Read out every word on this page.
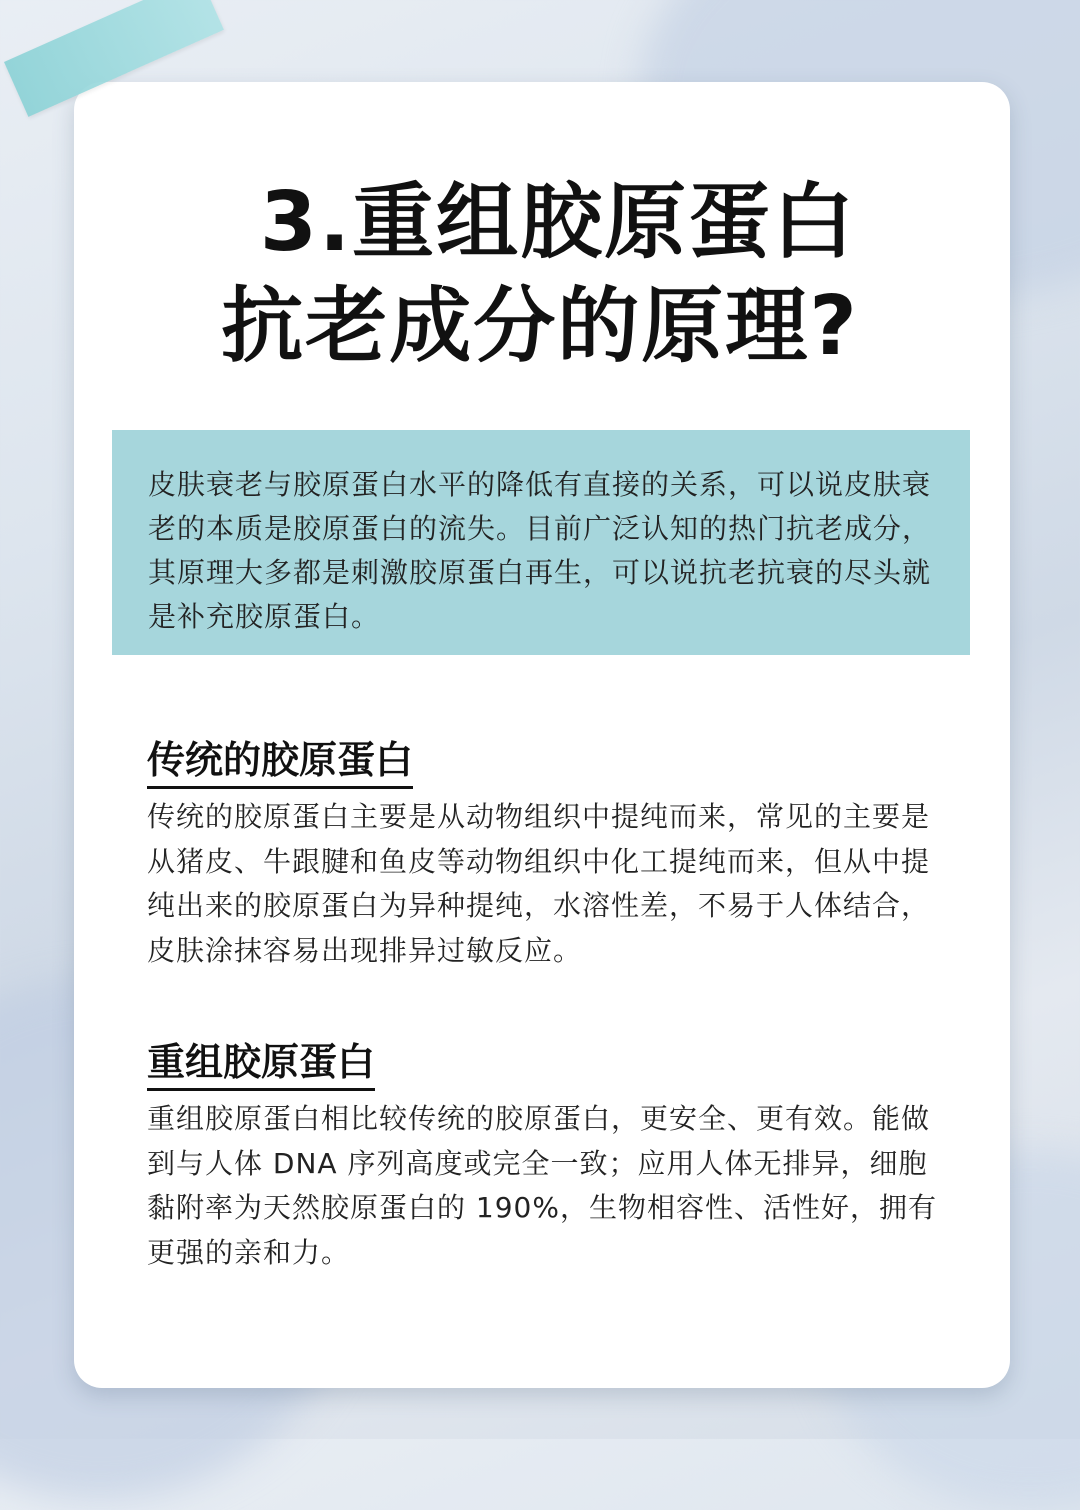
3.重组胶原蛋白
抗老成分的原理?

皮肤衰老与胶原蛋白水平的降低有直接的关系，可以说皮肤衰老的本质是胶原蛋白的流失。目前广泛认知的热门抗老成分，其原理大多都是刺激胶原蛋白再生，可以说抗老抗衰的尽头就是补充胶原蛋白。

传统的胶原蛋白

传统的胶原蛋白主要是从动物组织中提纯而来，常见的主要是从猪皮、牛跟腱和鱼皮等动物组织中化工提纯而来，但从中提纯出来的胶原蛋白为异种提纯，水溶性差，不易于人体结合，皮肤涂抹容易出现排异过敏反应。

重组胶原蛋白

重组胶原蛋白相比较传统的胶原蛋白，更安全、更有效。能做到与人体 DNA 序列高度或完全一致；应用人体无排异，细胞黏附率为天然胶原蛋白的 190%，生物相容性、活性好，拥有更强的亲和力。
